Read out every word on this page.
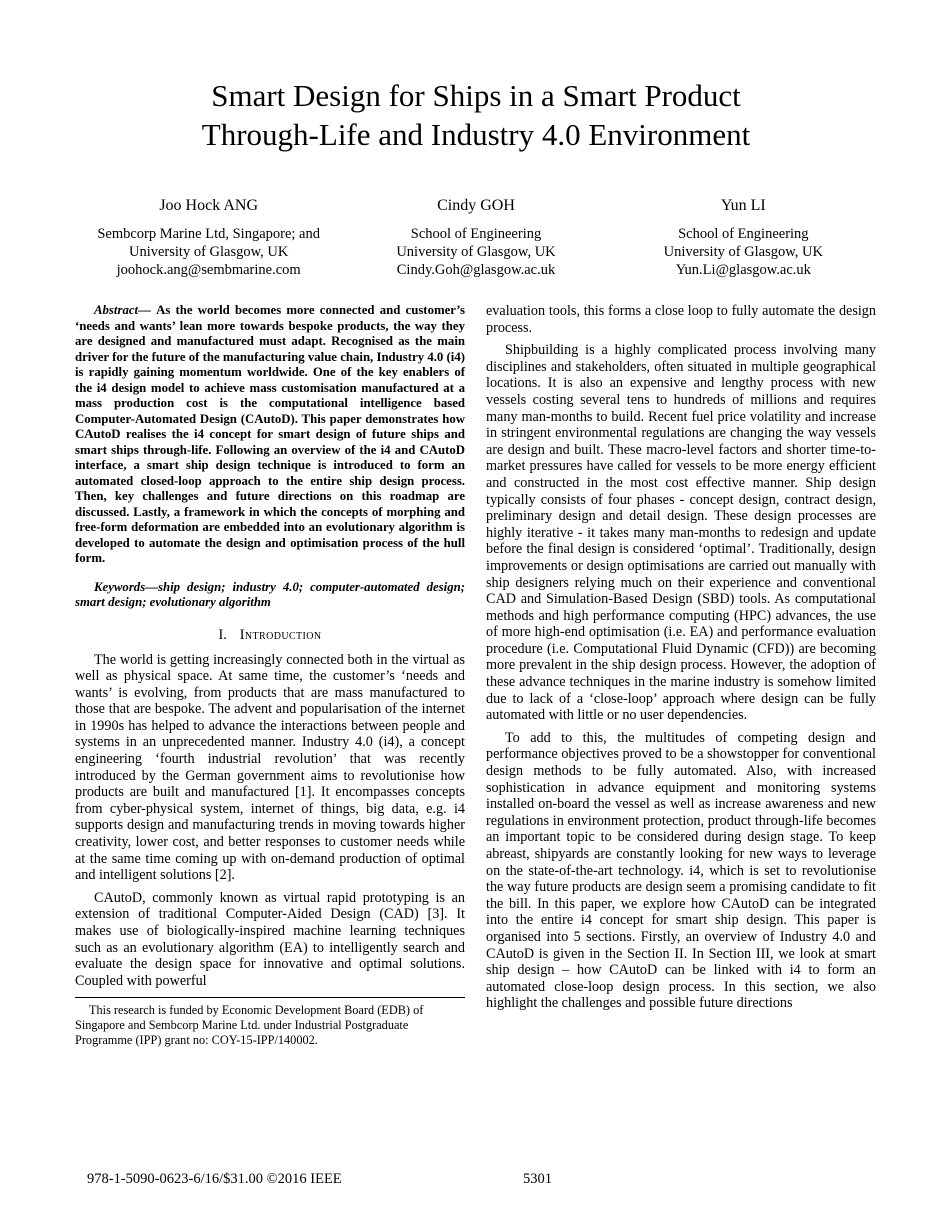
Smart Design for Ships in a Smart Product
Through-Life and Industry 4.0 Environment
Joo Hock ANG
Sembcorp Marine Ltd, Singapore; and
University of Glasgow, UK
joohock.ang@sembmarine.com
Cindy GOH
School of Engineering
University of Glasgow, UK
Cindy.Goh@glasgow.ac.uk
Yun LI
School of Engineering
University of Glasgow, UK
Yun.Li@glasgow.ac.uk

Abstract— As the world becomes more connected and customer’s ‘needs and wants’ lean more towards bespoke products, the way they are designed and manufactured must adapt. Recognised as the main driver for the future of the manufacturing value chain, Industry 4.0 (i4) is rapidly gaining momentum worldwide. One of the key enablers of the i4 design model to achieve mass customisation manufactured at a mass production cost is the computational intelligence based Computer-Automated Design (CAutoD). This paper demonstrates how CAutoD realises the i4 concept for smart design of future ships and smart ships through-life. Following an overview of the i4 and CAutoD interface, a smart ship design technique is introduced to form an automated closed-loop approach to the entire ship design process. Then, key challenges and future directions on this roadmap are discussed. Lastly, a framework in which the concepts of morphing and free-form deformation are embedded into an evolutionary algorithm is developed to automate the design and optimisation process of the hull form.

Keywords—ship design; industry 4.0; computer-automated design; smart design; evolutionary algorithm

I. Introduction

The world is getting increasingly connected both in the virtual as well as physical space. At same time, the customer’s ‘needs and wants’ is evolving, from products that are mass manufactured to those that are bespoke. The advent and popularisation of the internet in 1990s has helped to advance the interactions between people and systems in an unprecedented manner. Industry 4.0 (i4), a concept engineering ‘fourth industrial revolution’ that was recently introduced by the German government aims to revolutionise how products are built and manufactured [1]. It encompasses concepts from cyber-physical system, internet of things, big data, e.g. i4 supports design and manufacturing trends in moving towards higher creativity, lower cost, and better responses to customer needs while at the same time coming up with on-demand production of optimal and intelligent solutions [2].

CAutoD, commonly known as virtual rapid prototyping is an extension of traditional Computer-Aided Design (CAD) [3]. It makes use of biologically-inspired machine learning techniques such as an evolutionary algorithm (EA) to intelligently search and evaluate the design space for innovative and optimal solutions. Coupled with powerful

This research is funded by Economic Development Board (EDB) of Singapore and Sembcorp Marine Ltd. under Industrial Postgraduate Programme (IPP) grant no: COY-15-IPP/140002.

evaluation tools, this forms a close loop to fully automate the design process.

Shipbuilding is a highly complicated process involving many disciplines and stakeholders, often situated in multiple geographical locations. It is also an expensive and lengthy process with new vessels costing several tens to hundreds of millions and requires many man-months to build. Recent fuel price volatility and increase in stringent environmental regulations are changing the way vessels are design and built. These macro-level factors and shorter time-to-market pressures have called for vessels to be more energy efficient and constructed in the most cost effective manner. Ship design typically consists of four phases - concept design, contract design, preliminary design and detail design. These design processes are highly iterative - it takes many man-months to redesign and update before the final design is considered ‘optimal’. Traditionally, design improvements or design optimisations are carried out manually with ship designers relying much on their experience and conventional CAD and Simulation-Based Design (SBD) tools. As computational methods and high performance computing (HPC) advances, the use of more high-end optimisation (i.e. EA) and performance evaluation procedure (i.e. Computational Fluid Dynamic (CFD)) are becoming more prevalent in the ship design process. However, the adoption of these advance techniques in the marine industry is somehow limited due to lack of a ‘close-loop’ approach where design can be fully automated with little or no user dependencies.

To add to this, the multitudes of competing design and performance objectives proved to be a showstopper for conventional design methods to be fully automated. Also, with increased sophistication in advance equipment and monitoring systems installed on-board the vessel as well as increase awareness and new regulations in environment protection, product through-life becomes an important topic to be considered during design stage. To keep abreast, shipyards are constantly looking for new ways to leverage on the state-of-the-art technology. i4, which is set to revolutionise the way future products are design seem a promising candidate to fit the bill. In this paper, we explore how CAutoD can be integrated into the entire i4 concept for smart ship design. This paper is organised into 5 sections. Firstly, an overview of Industry 4.0 and CAutoD is given in the Section II. In Section III, we look at smart ship design – how CAutoD can be linked with i4 to form an automated close-loop design process. In this section, we also highlight the challenges and possible future directions

978-1-5090-0623-6/16/$31.00 ©2016 IEEE	5301
